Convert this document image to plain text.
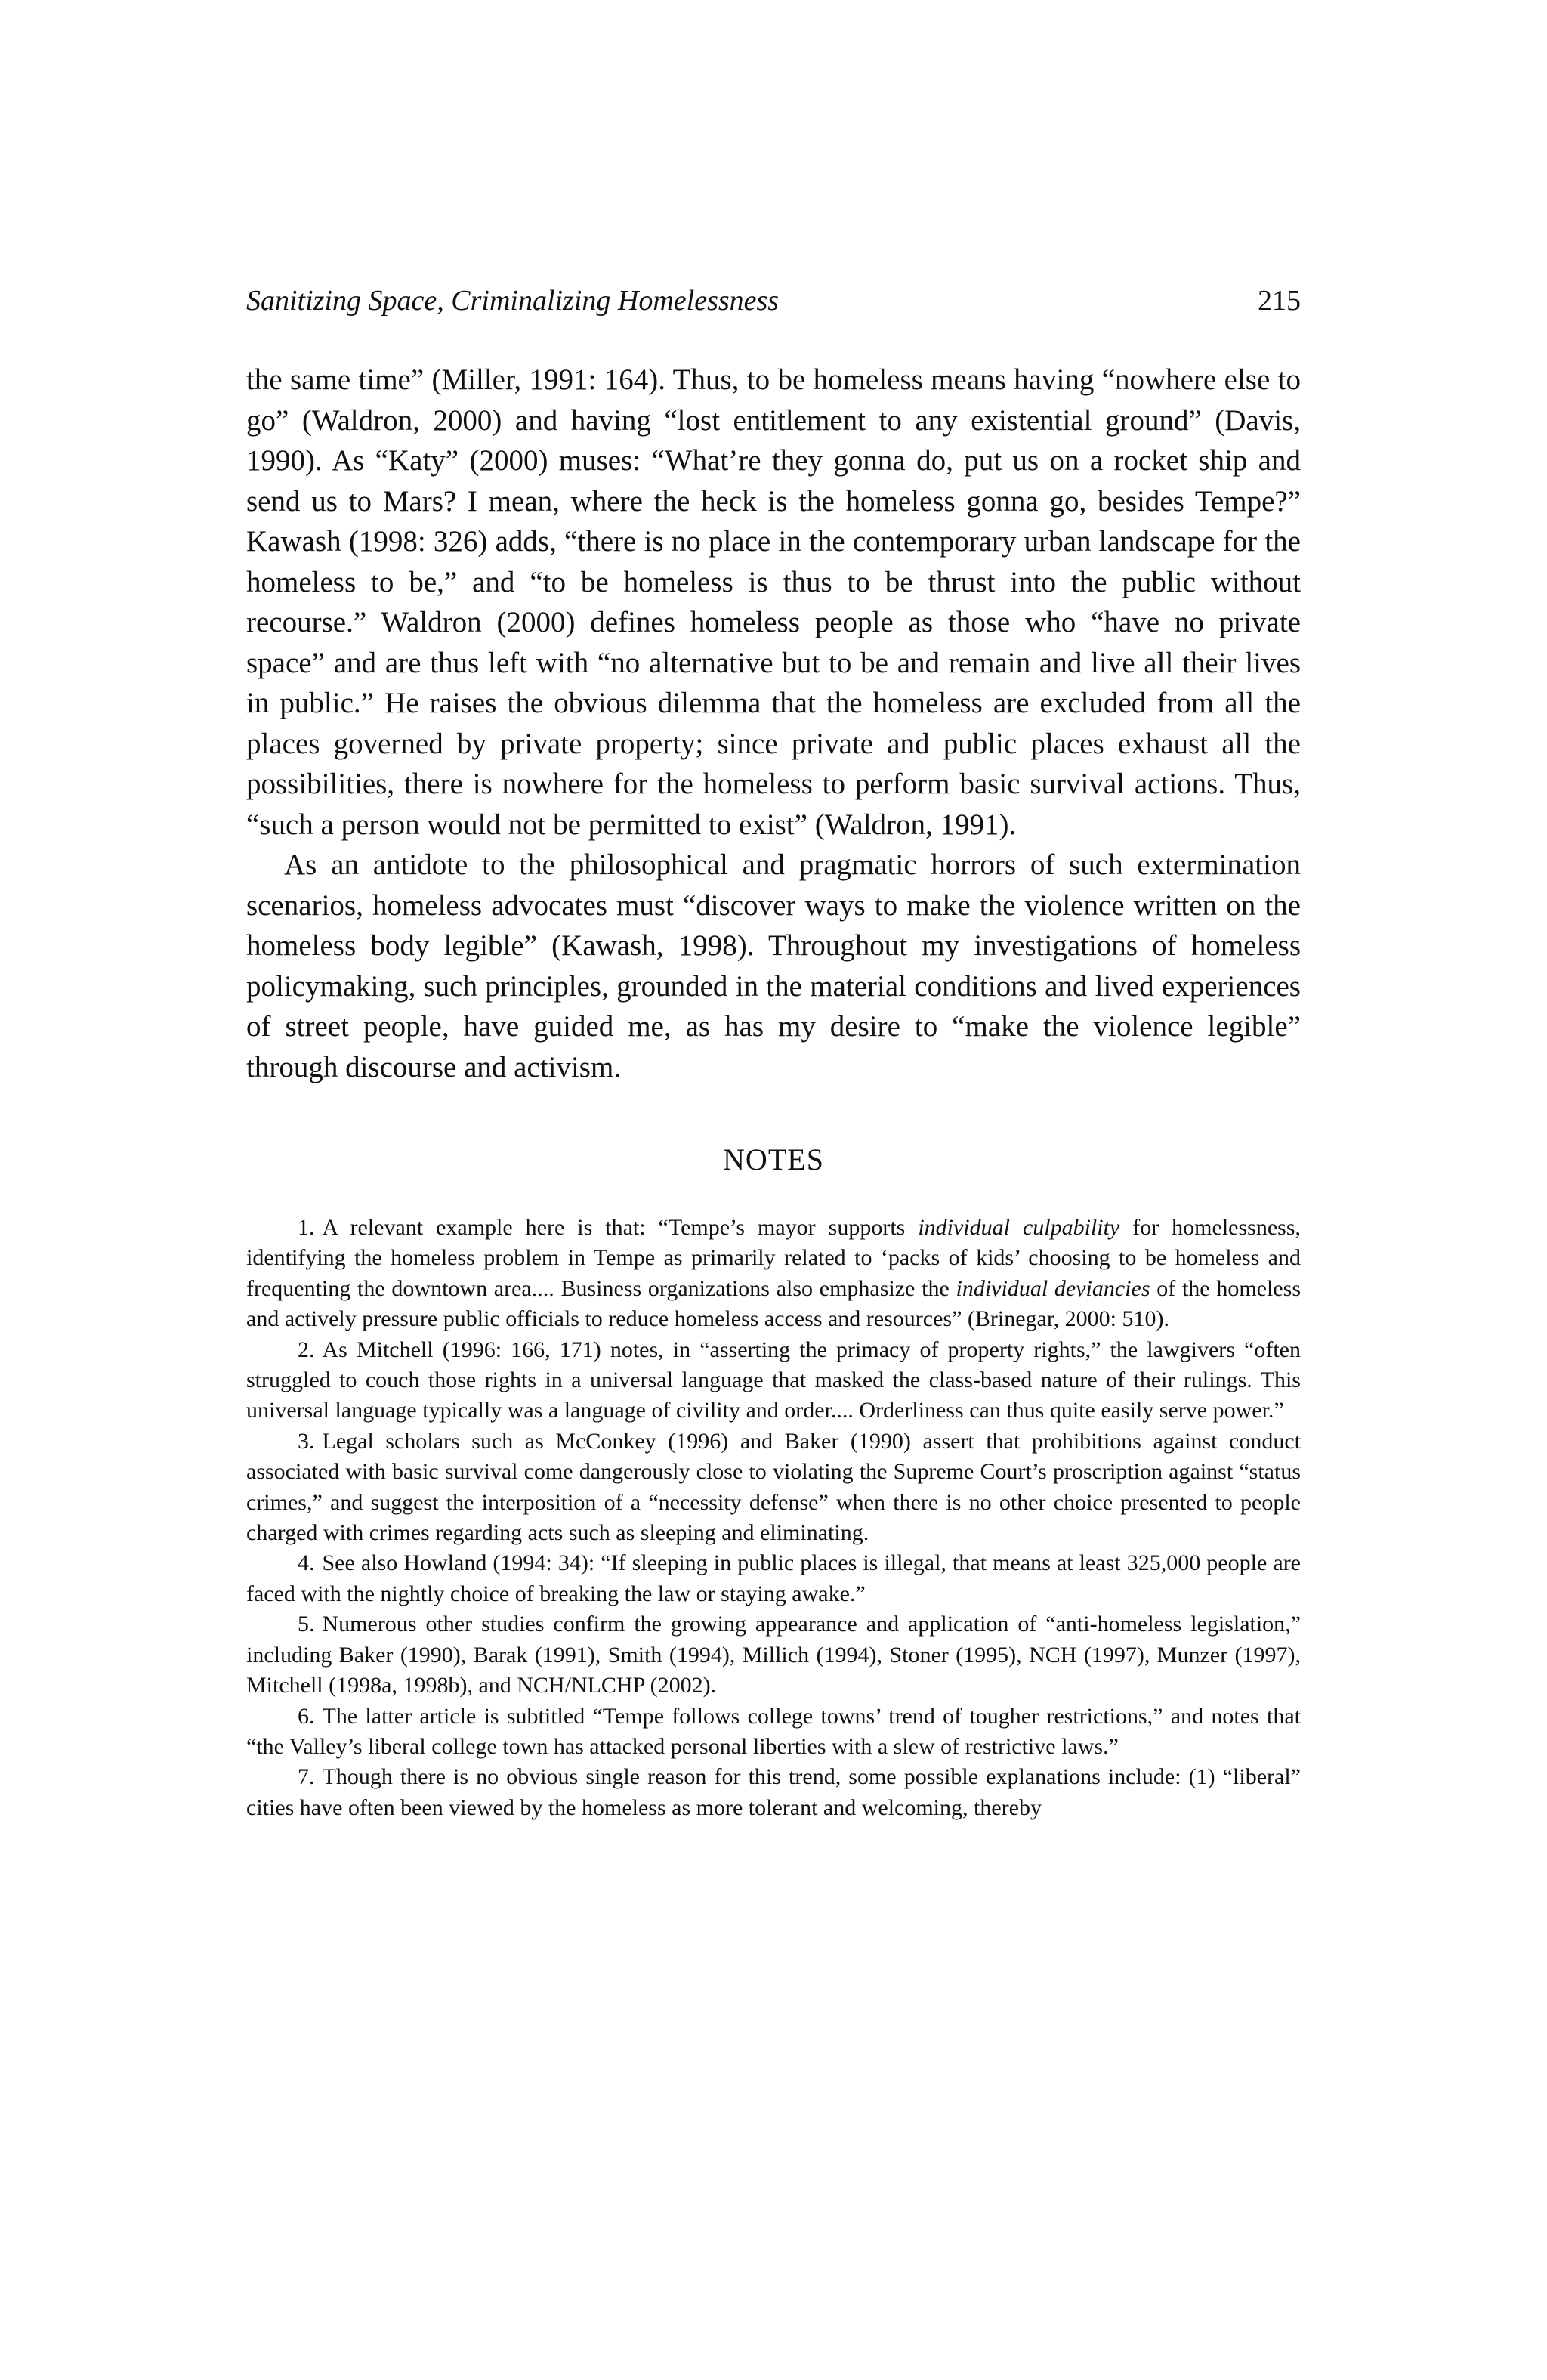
Sanitizing Space, Criminalizing Homelessness	215

the same time” (Miller, 1991: 164). Thus, to be homeless means having “nowhere else to go” (Waldron, 2000) and having “lost entitlement to any existential ground” (Davis, 1990). As “Katy” (2000) muses: “What’re they gonna do, put us on a rocket ship and send us to Mars? I mean, where the heck is the homeless gonna go, besides Tempe?” Kawash (1998: 326) adds, “there is no place in the contemporary urban landscape for the homeless to be,” and “to be homeless is thus to be thrust into the public without recourse.” Waldron (2000) defines homeless people as those who “have no private space” and are thus left with “no alternative but to be and remain and live all their lives in public.” He raises the obvious dilemma that the homeless are excluded from all the places governed by private property; since private and public places exhaust all the possibilities, there is nowhere for the homeless to perform basic survival actions. Thus, “such a person would not be permitted to exist” (Waldron, 1991).

As an antidote to the philosophical and pragmatic horrors of such extermination scenarios, homeless advocates must “discover ways to make the violence written on the homeless body legible” (Kawash, 1998). Throughout my investigations of homeless policymaking, such principles, grounded in the material conditions and lived experiences of street people, have guided me, as has my desire to “make the violence legible” through discourse and activism.

NOTES

1. A relevant example here is that: “Tempe’s mayor supports individual culpability for homelessness, identifying the homeless problem in Tempe as primarily related to ‘packs of kids’ choosing to be homeless and frequenting the downtown area.... Business organizations also emphasize the individual deviancies of the homeless and actively pressure public officials to reduce homeless access and resources” (Brinegar, 2000: 510).

2. As Mitchell (1996: 166, 171) notes, in “asserting the primacy of property rights,” the lawgivers “often struggled to couch those rights in a universal language that masked the class-based nature of their rulings. This universal language typically was a language of civility and order.... Orderliness can thus quite easily serve power.”

3. Legal scholars such as McConkey (1996) and Baker (1990) assert that prohibitions against conduct associated with basic survival come dangerously close to violating the Supreme Court’s proscription against “status crimes,” and suggest the interposition of a “necessity defense” when there is no other choice presented to people charged with crimes regarding acts such as sleeping and eliminating.

4. See also Howland (1994: 34): “If sleeping in public places is illegal, that means at least 325,000 people are faced with the nightly choice of breaking the law or staying awake.”

5. Numerous other studies confirm the growing appearance and application of “anti-homeless legislation,” including Baker (1990), Barak (1991), Smith (1994), Millich (1994), Stoner (1995), NCH (1997), Munzer (1997), Mitchell (1998a, 1998b), and NCH/NLCHP (2002).

6. The latter article is subtitled “Tempe follows college towns’ trend of tougher restrictions,” and notes that “the Valley’s liberal college town has attacked personal liberties with a slew of restrictive laws.”

7. Though there is no obvious single reason for this trend, some possible explanations include: (1) “liberal” cities have often been viewed by the homeless as more tolerant and welcoming, thereby
